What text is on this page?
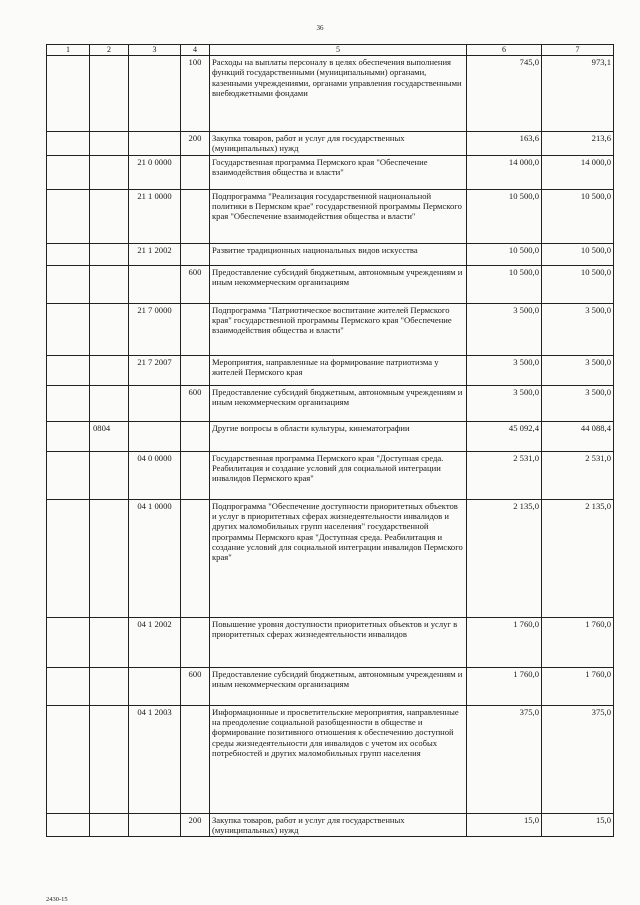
36
1	2	3	4	5	6	7
			100	Расходы на выплаты персоналу в целях обеспечения выполнения функций государственными (муниципальными) органами, казенными учреждениями, органами управления государственными внебюджетными фондами	745,0	973,1
			200	Закупка товаров, работ и услуг для государственных (муниципальных) нужд	163,6	213,6
		21 0 0000		Государственная программа Пермского края "Обеспечение взаимодействия общества и власти"	14 000,0	14 000,0
		21 1 0000		Подпрограмма "Реализация государственной национальной политики в Пермском крае" государственной программы Пермского края "Обеспечение взаимодействия общества и власти"	10 500,0	10 500,0
		21 1 2002		Развитие традиционных национальных видов искусства	10 500,0	10 500,0
			600	Предоставление субсидий бюджетным, автономным учреждениям и иным некоммерческим организациям	10 500,0	10 500,0
		21 7 0000		Подпрограмма "Патриотическое воспитание жителей Пермского края" государственной программы Пермского края "Обеспечение взаимодействия общества и власти"	3 500,0	3 500,0
		21 7 2007		Мероприятия, направленные на формирование патриотизма у жителей Пермского края	3 500,0	3 500,0
			600	Предоставление субсидий бюджетным, автономным учреждениям и иным некоммерческим организациям	3 500,0	3 500,0
	0804			Другие вопросы в области культуры, кинематографии	45 092,4	44 088,4
		04 0 0000		Государственная программа Пермского края "Доступная среда. Реабилитация и создание условий для социальной интеграции инвалидов Пермского края"	2 531,0	2 531,0
		04 1 0000		Подпрограмма "Обеспечение доступности приоритетных объектов и услуг в приоритетных сферах жизнедеятельности инвалидов и других маломобильных групп населения" государственной программы Пермского края "Доступная среда. Реабилитация и создание условий для социальной интеграции инвалидов Пермского края"	2 135,0	2 135,0
		04 1 2002		Повышение уровня доступности приоритетных объектов и услуг в приоритетных сферах жизнедеятельности инвалидов	1 760,0	1 760,0
			600	Предоставление субсидий бюджетным, автономным учреждениям и иным некоммерческим организациям	1 760,0	1 760,0
		04 1 2003		Информационные и просветительские мероприятия, направленные на преодоление социальной разобщенности в обществе и формирование позитивного отношения к обеспечению доступной среды жизнедеятельности для инвалидов с учетом их особых потребностей и других маломобильных групп населения	375,0	375,0
			200	Закупка товаров, работ и услуг для государственных (муниципальных) нужд	15,0	15,0
2430-15
